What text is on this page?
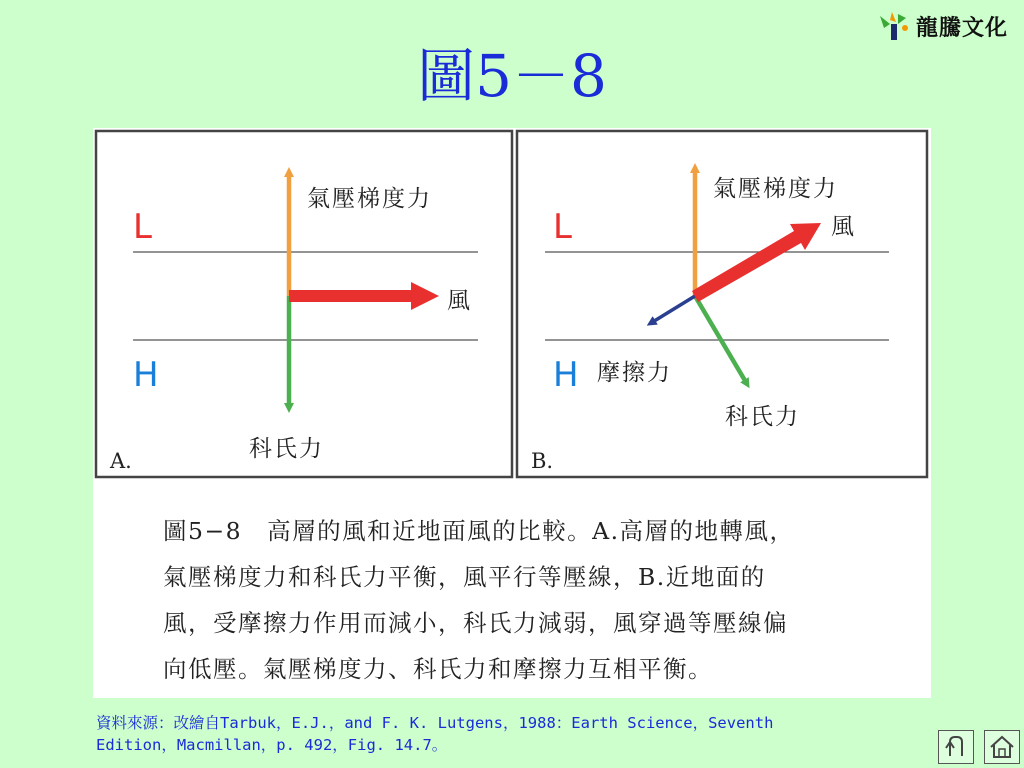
龍騰文化
圖5－8
L
H
氣壓梯度力
風
科氏力
A.
L
H
氣壓梯度力
風
摩擦力
科氏力
B.
圖5−8　高層的風和近地面風的比較。A.高層的地轉風，
氣壓梯度力和科氏力平衡，風平行等壓線，B.近地面的
風，受摩擦力作用而減小，科氏力減弱，風穿過等壓線偏
向低壓。氣壓梯度力、科氏力和摩擦力互相平衡。
資料來源：改繪自Tarbuk，E.J.，and F. K. Lutgens，1988：Earth Science，Seventh
Edition，Macmillan，p. 492，Fig. 14.7。
